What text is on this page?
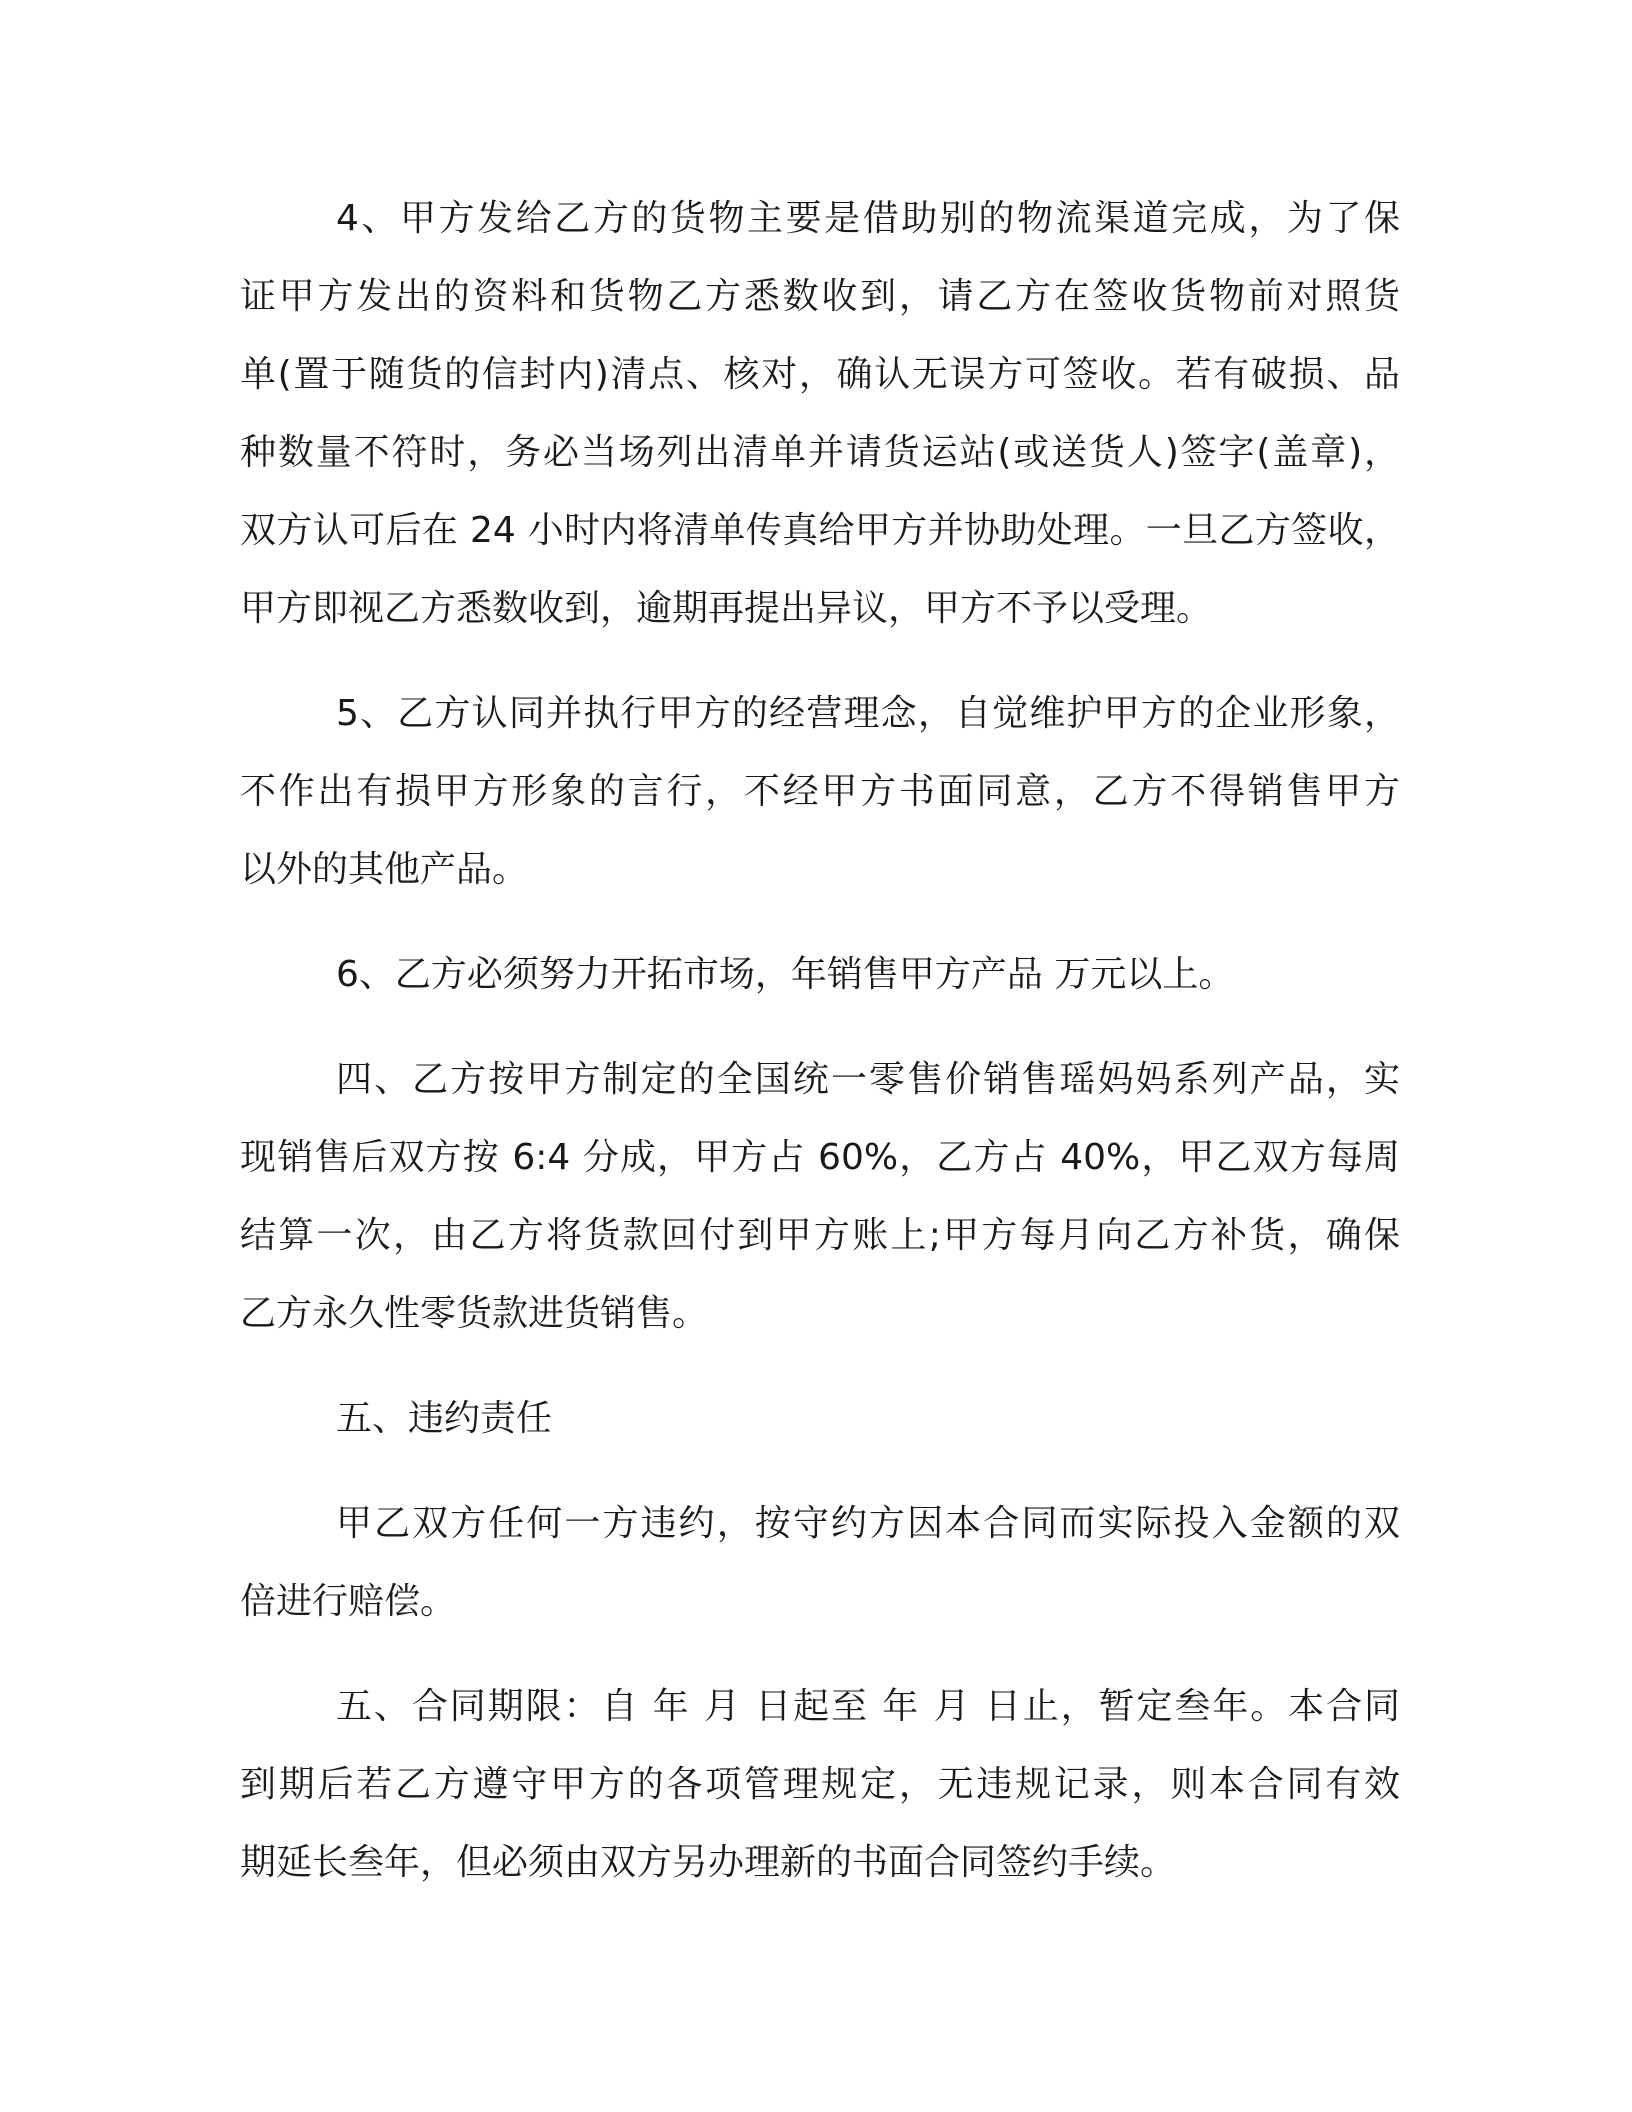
4、甲方发给乙方的货物主要是借助别的物流渠道完成，为了保
证甲方发出的资料和货物乙方悉数收到，请乙方在签收货物前对照货
单(置于随货的信封内)清点、核对，确认无误方可签收。若有破损、品
种数量不符时，务必当场列出清单并请货运站(或送货人)签字(盖章)，
双方认可后在 24 小时内将清单传真给甲方并协助处理。一旦乙方签收，
甲方即视乙方悉数收到，逾期再提出异议，甲方不予以受理。
5、乙方认同并执行甲方的经营理念，自觉维护甲方的企业形象，
不作出有损甲方形象的言行，不经甲方书面同意，乙方不得销售甲方
以外的其他产品。
6、乙方必须努力开拓市场，年销售甲方产品 万元以上。
四、乙方按甲方制定的全国统一零售价销售瑶妈妈系列产品，实
现销售后双方按 6:4 分成，甲方占 60%，乙方占 40%，甲乙双方每周
结算一次，由乙方将货款回付到甲方账上;甲方每月向乙方补货，确保
乙方永久性零货款进货销售。
五、违约责任
甲乙双方任何一方违约，按守约方因本合同而实际投入金额的双
倍进行赔偿。
五、合同期限：自 年 月 日起至 年 月 日止，暂定叁年。本合同
到期后若乙方遵守甲方的各项管理规定，无违规记录，则本合同有效
期延长叁年，但必须由双方另办理新的书面合同签约手续。
